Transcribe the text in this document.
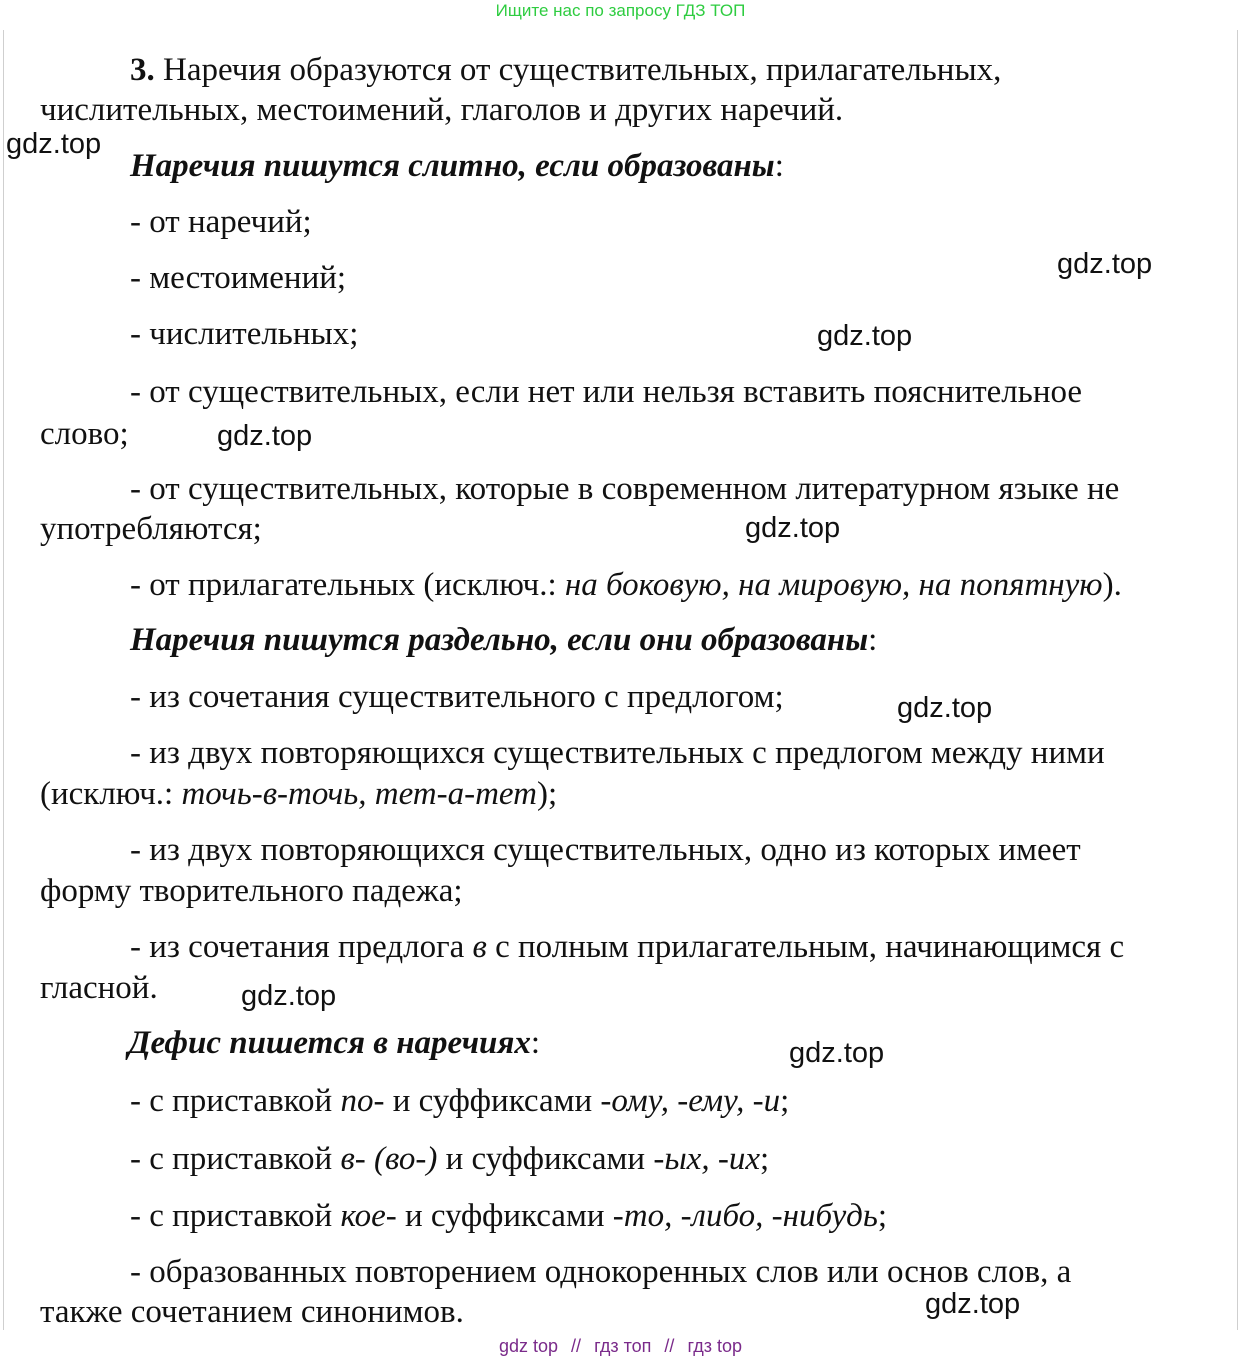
Ищите нас по запросу ГДЗ ТОП
3. Наречия образуются от существительных, прилагательных,
числительных, местоимений, глаголов и других наречий.
Наречия пишутся слитно, если образованы:
- от наречий;
- местоимений;
- числительных;
- от существительных, если нет или нельзя вставить пояснительное
слово;
- от существительных, которые в современном литературном языке не
употребляются;
- от прилагательных (исключ.: на боковую, на мировую, на попятную).
Наречия пишутся раздельно, если они образованы:
- из сочетания существительного с предлогом;
- из двух повторяющихся существительных с предлогом между ними
(исключ.: точь-в-точь, тет-а-тет);
- из двух повторяющихся существительных, одно из которых имеет
форму творительного падежа;
- из сочетания предлога в с полным прилагательным, начинающимся с
гласной.
Дефис пишется в наречиях:
- с приставкой по- и суффиксами -ому, -ему, -и;
- с приставкой в- (во-) и суффиксами -ых, -их;
- с приставкой кое- и суффиксами -то, -либо, -нибудь;
- образованных повторением однокоренных слов или основ слов, а
также сочетанием синонимов.
gdz.top
gdz.top
gdz.top
gdz.top
gdz.top
gdz.top
gdz.top
gdz.top
gdz.top
gdz top // гдз топ // гдз top
